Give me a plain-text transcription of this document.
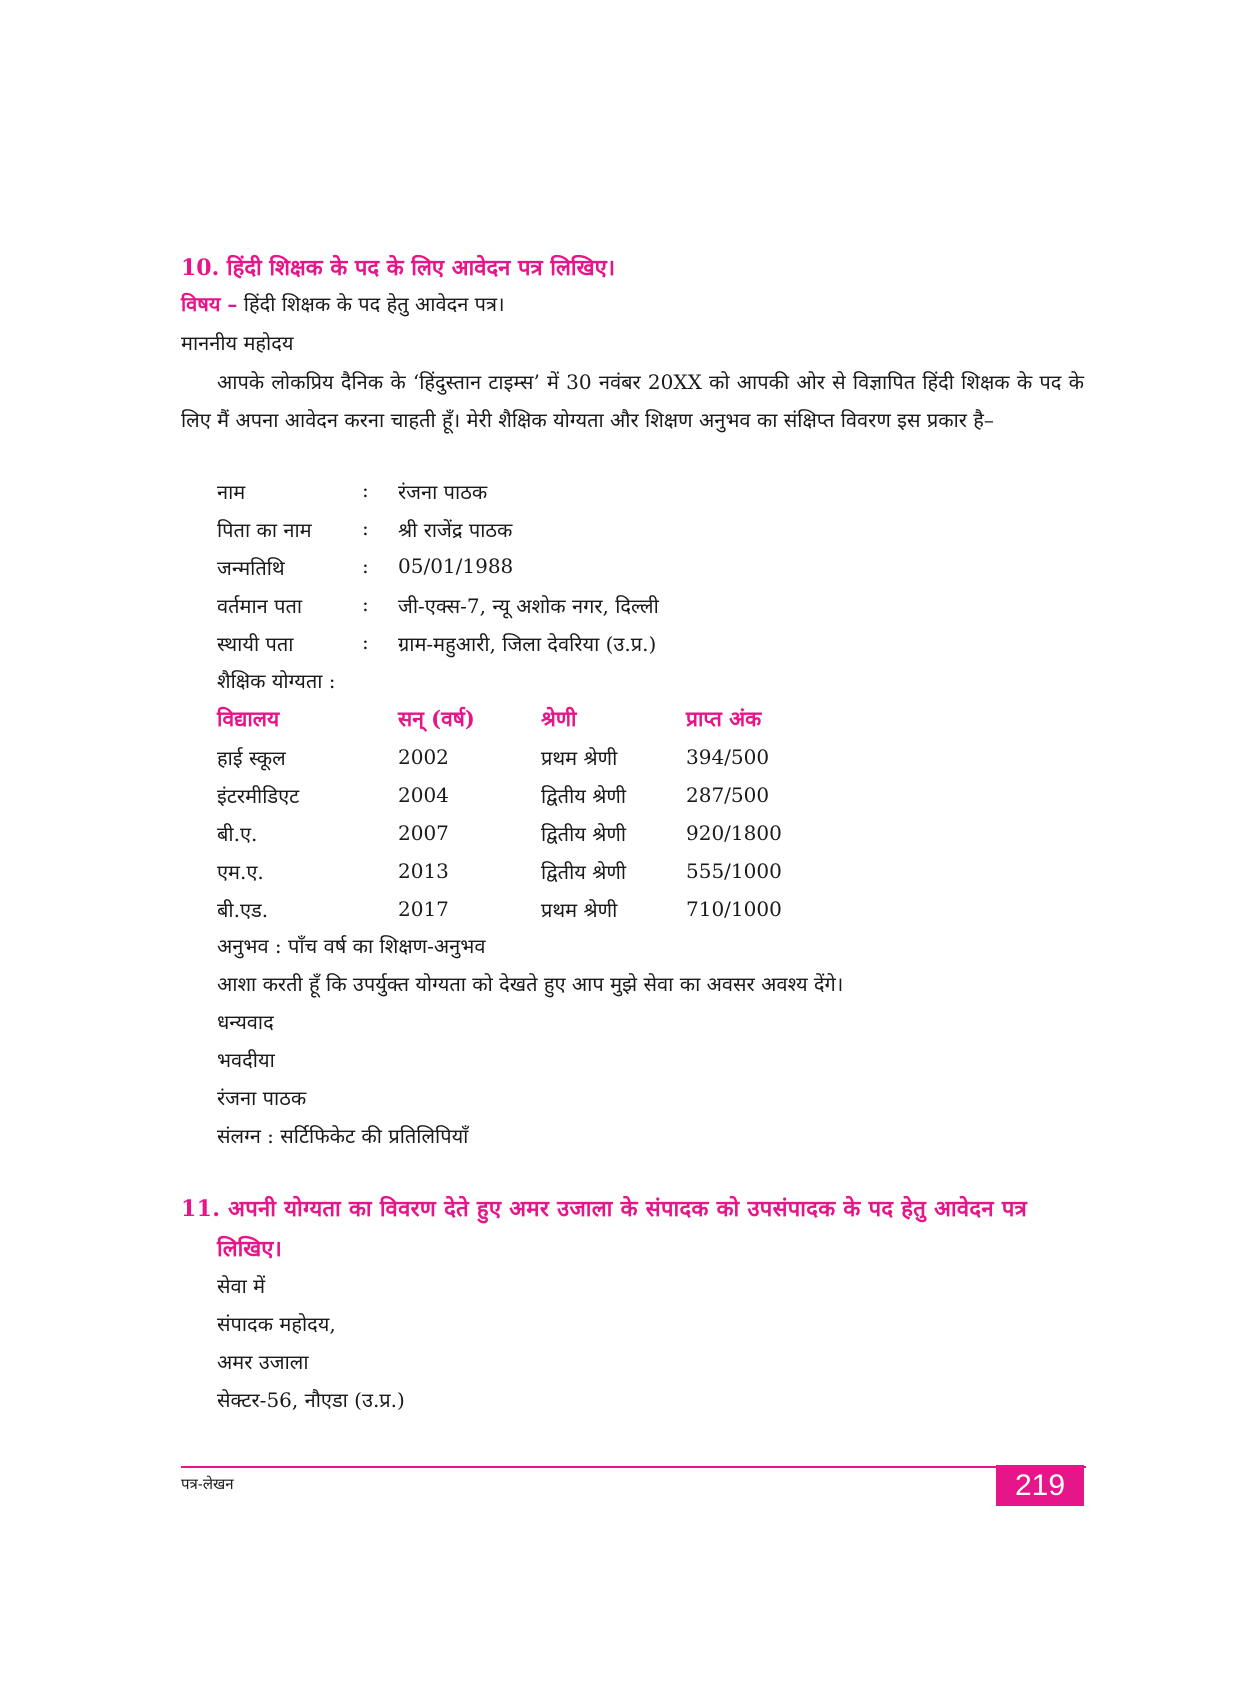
10. हिंदी शिक्षक के पद के लिए आवेदन पत्र लिखिए।
विषय – हिंदी शिक्षक के पद हेतु आवेदन पत्र।
माननीय महोदय
आपके लोकप्रिय दैनिक के ‘हिंदुस्तान टाइम्स’ में 30 नवंबर 20XX को आपकी ओर से विज्ञापित हिंदी शिक्षक के पद के लिए मैं अपना आवेदन करना चाहती हूँ। मेरी शैक्षिक योग्यता और शिक्षण अनुभव का संक्षिप्त विवरण इस प्रकार है–
नाम	: रंजना पाठक
पिता का नाम	: श्री राजेंद्र पाठक
जन्मतिथि	: 05/01/1988
वर्तमान पता	: जी-एक्स-7, न्यू अशोक नगर, दिल्ली
स्थायी पता	: ग्राम-महुआरी, जिला देवरिया (उ.प्र.)
शैक्षिक योग्यता :
विद्यालय	सन् (वर्ष)	श्रेणी	प्राप्त अंक
हाई स्कूल	2002	प्रथम श्रेणी	394/500
इंटरमीडिएट	2004	द्वितीय श्रेणी	287/500
बी.ए.	2007	द्वितीय श्रेणी	920/1800
एम.ए.	2013	द्वितीय श्रेणी	555/1000
बी.एड.	2017	प्रथम श्रेणी	710/1000
अनुभव : पाँच वर्ष का शिक्षण-अनुभव
आशा करती हूँ कि उपर्युक्त योग्यता को देखते हुए आप मुझे सेवा का अवसर अवश्य देंगे।
धन्यवाद
भवदीया
रंजना पाठक
संलग्न : सर्टिफिकेट की प्रतिलिपियाँ
11. अपनी योग्यता का विवरण देते हुए अमर उजाला के संपादक को उपसंपादक के पद हेतु आवेदन पत्र
लिखिए।
सेवा में
संपादक महोदय,
अमर उजाला
सेक्टर-56, नौएडा (उ.प्र.)
पत्र-लेखन	219
